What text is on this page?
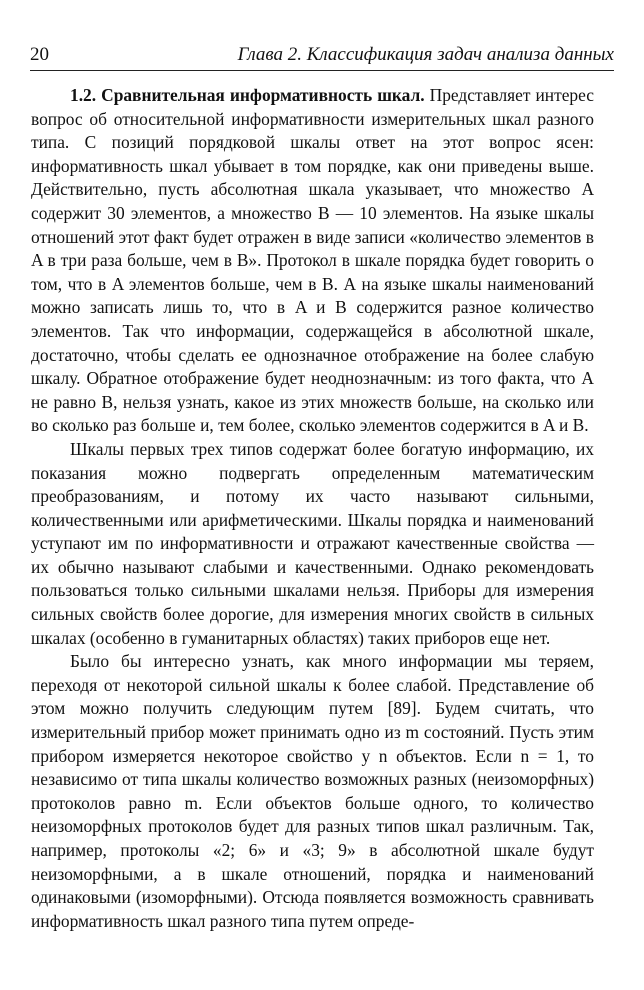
20	Глава 2. Классификация задач анализа данных

1.2. Сравнительная информативность шкал. Представляет интерес вопрос об относительной информативности измерительных шкал разного типа. С позиций порядковой шкалы ответ на этот вопрос ясен: информативность шкал убывает в том порядке, как они приведены выше. Действительно, пусть абсолютная шкала указывает, что множество A содержит 30 элементов, а множество B — 10 элементов. На языке шкалы отношений этот факт будет отражен в виде записи «количество элементов в A в три раза больше, чем в B». Протокол в шкале порядка будет говорить о том, что в A элементов больше, чем в B. А на языке шкалы наименований можно записать лишь то, что в A и B содержится разное количество элементов. Так что информации, содержащейся в абсолютной шкале, достаточно, чтобы сделать ее однозначное отображение на более слабую шкалу. Обратное отображение будет неоднозначным: из того факта, что A не равно B, нельзя узнать, какое из этих множеств больше, на сколько или во сколько раз больше и, тем более, сколько элементов содержится в A и B.

Шкалы первых трех типов содержат более богатую информацию, их показания можно подвергать определенным математическим преобразованиям, и потому их часто называют сильными, количественными или арифметическими. Шкалы порядка и наименований уступают им по информативности и отражают качественные свойства — их обычно называют слабыми и качественными. Однако рекомендовать пользоваться только сильными шкалами нельзя. Приборы для измерения сильных свойств более дорогие, для измерения многих свойств в сильных шкалах (особенно в гуманитарных областях) таких приборов еще нет.

Было бы интересно узнать, как много информации мы теряем, переходя от некоторой сильной шкалы к более слабой. Представление об этом можно получить следующим путем [89]. Будем считать, что измерительный прибор может принимать одно из m состояний. Пусть этим прибором измеряется некоторое свойство у n объектов. Если n = 1, то независимо от типа шкалы количество возможных разных (неизоморфных) протоколов равно m. Если объектов больше одного, то количество неизоморфных протоколов будет для разных типов шкал различным. Так, например, протоколы «2; 6» и «3; 9» в абсолютной шкале будут неизоморфными, а в шкале отношений, порядка и наименований одинаковыми (изоморфными). Отсюда появляется возможность сравнивать информативность шкал разного типа путем опреде-
